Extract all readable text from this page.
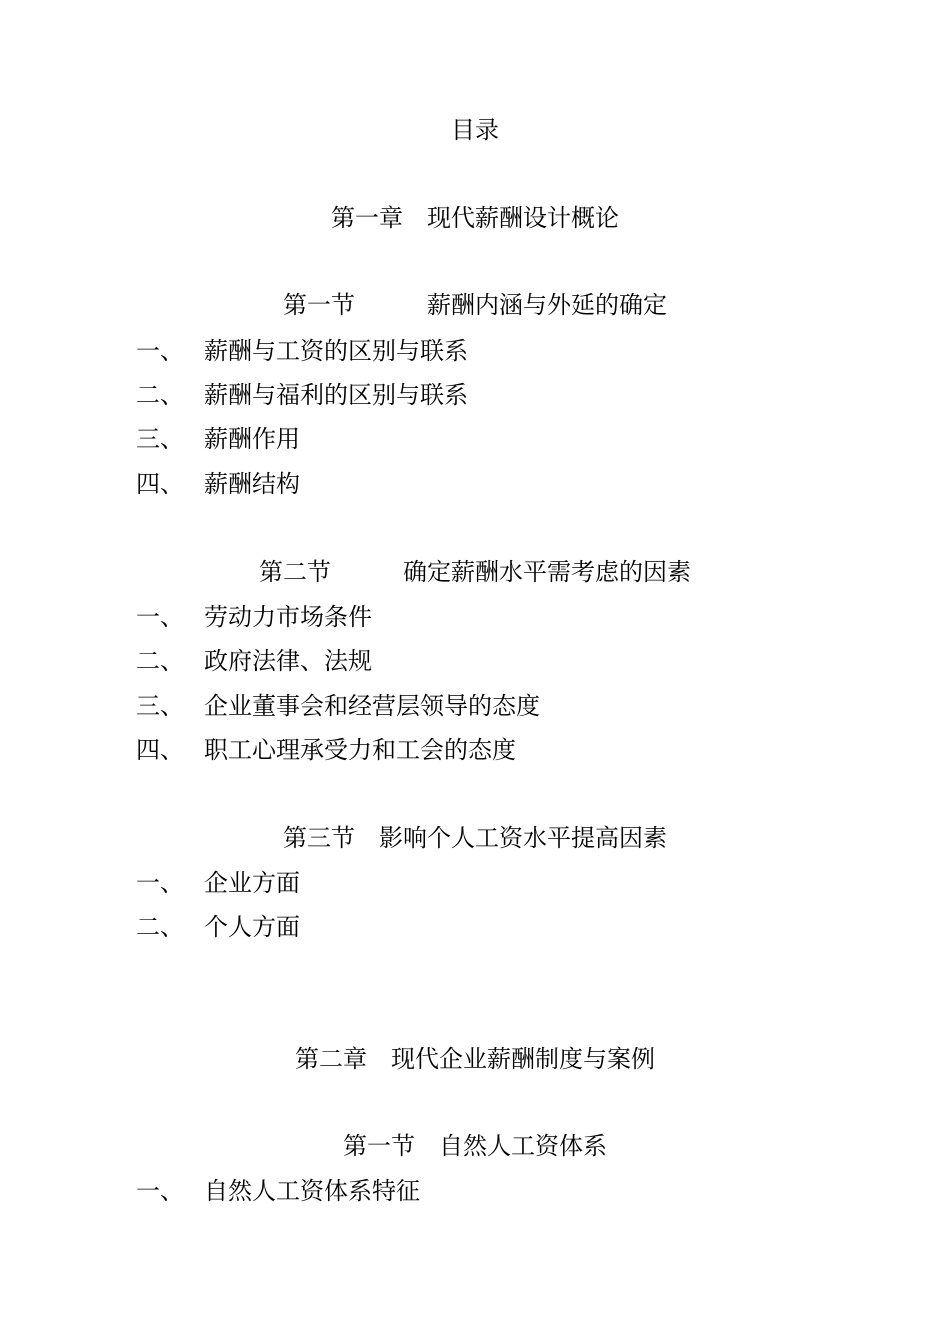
目录
第一章　现代薪酬设计概论
第一节　　　薪酬内涵与外延的确定
一、 薪酬与工资的区别与联系
二、 薪酬与福利的区别与联系
三、 薪酬作用
四、 薪酬结构
第二节　　　确定薪酬水平需考虑的因素
一、 劳动力市场条件
二、 政府法律、法规
三、 企业董事会和经营层领导的态度
四、 职工心理承受力和工会的态度
第三节　影响个人工资水平提高因素
一、 企业方面
二、 个人方面
第二章　现代企业薪酬制度与案例
第一节　自然人工资体系
一、 自然人工资体系特征
